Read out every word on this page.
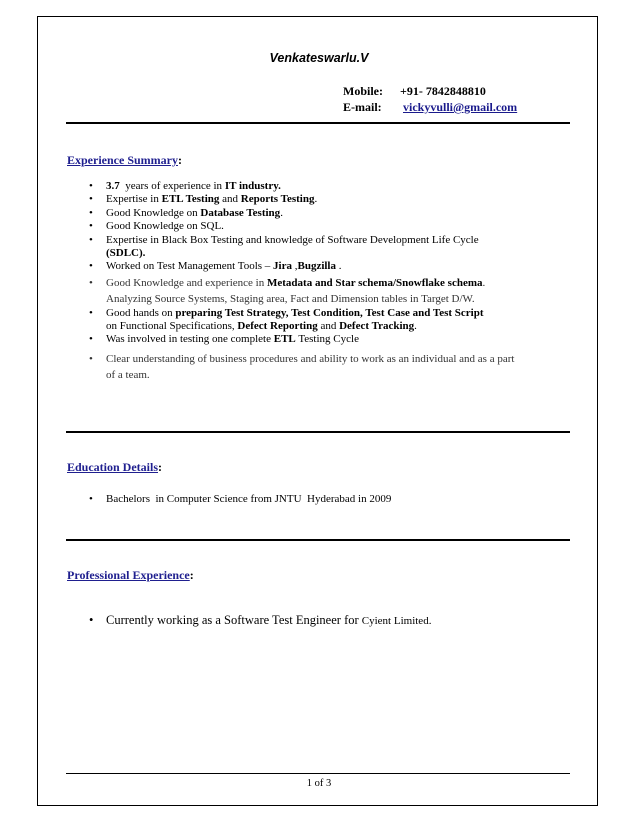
Venkateswarlu.V
Mobile: +91- 7842848810
E-mail: vickyvulli@gmail.com
Experience Summary:
• 3.7  years of experience in IT industry.
• Expertise in ETL Testing and Reports Testing.
• Good Knowledge on Database Testing.
• Good Knowledge on SQL.
• Expertise in Black Box Testing and knowledge of Software Development Life Cycle
(SDLC).
• Worked on Test Management Tools – Jira ,Bugzilla .
• Good Knowledge and experience in Metadata and Star schema/Snowflake schema.
Analyzing Source Systems, Staging area, Fact and Dimension tables in Target D/W.
• Good hands on preparing Test Strategy, Test Condition, Test Case and Test Script
on Functional Specifications, Defect Reporting and Defect Tracking.
• Was involved in testing one complete ETL Testing Cycle
• Clear understanding of business procedures and ability to work as an individual and as a part
of a team.
Education Details:
• Bachelors  in Computer Science from JNTU  Hyderabad in 2009
Professional Experience:
• Currently working as a Software Test Engineer for Cyient Limited.
1 of 3
